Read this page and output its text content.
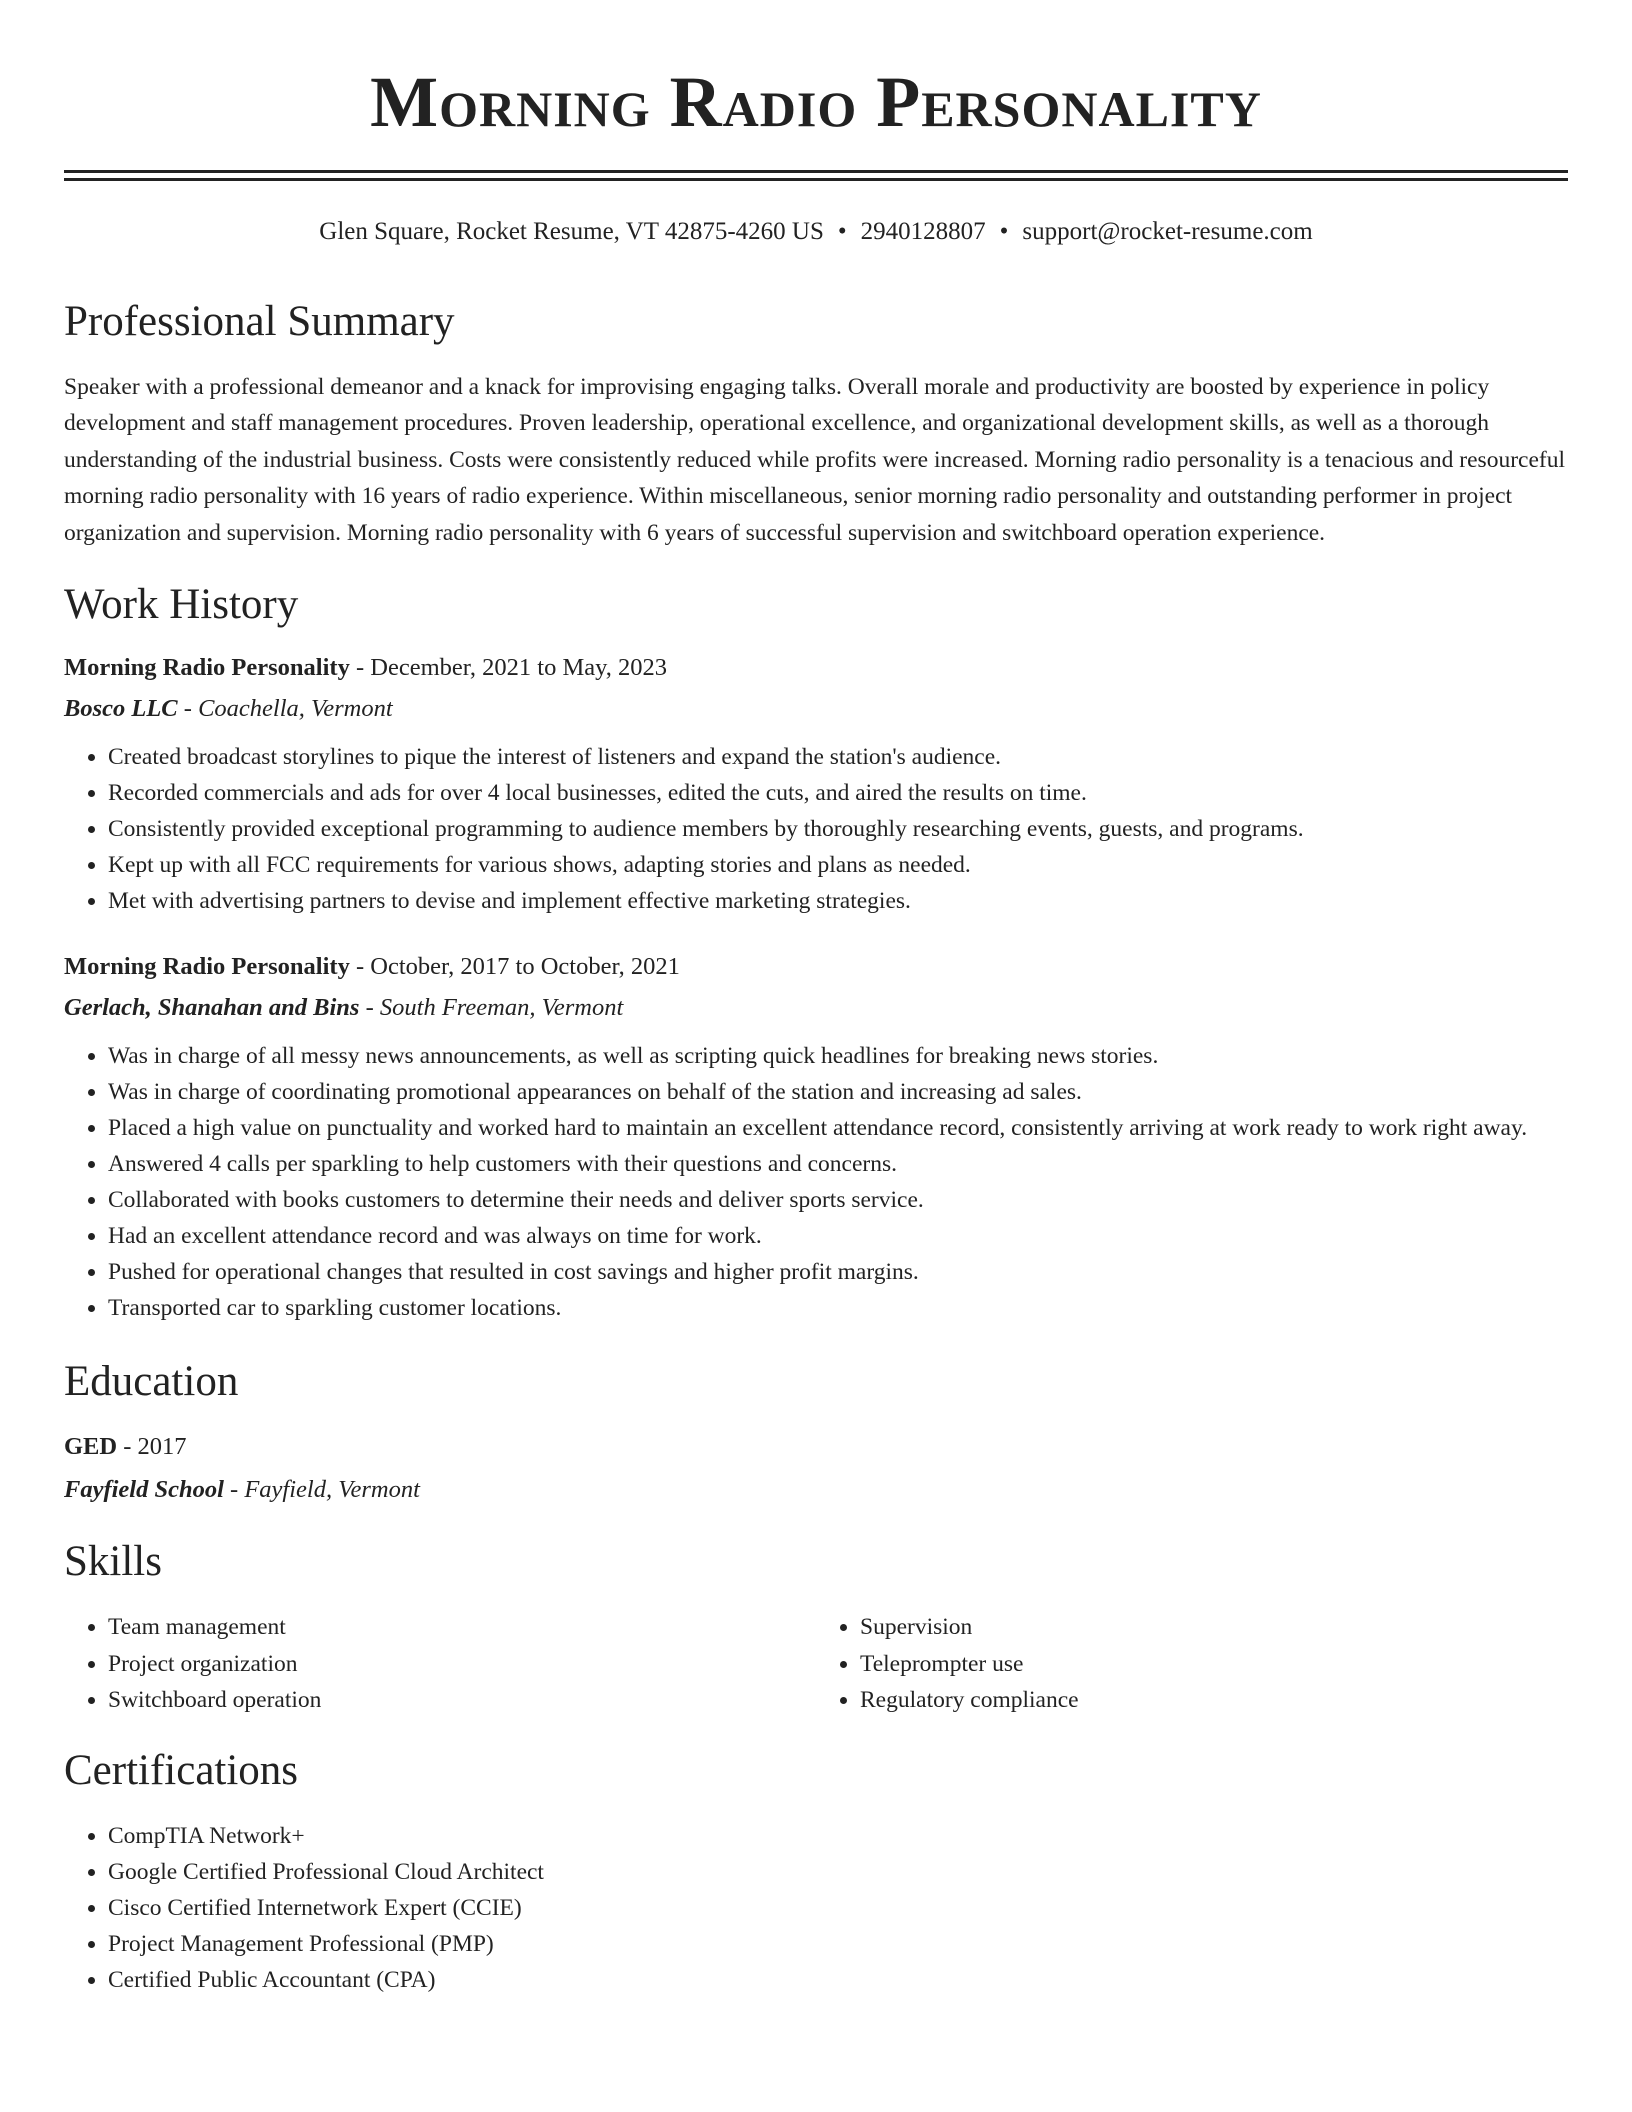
Morning Radio Personality
Glen Square, Rocket Resume, VT 42875-4260 US • 2940128807 • support@rocket-resume.com
Professional Summary

Speaker with a professional demeanor and a knack for improvising engaging talks. Overall morale and productivity are boosted by experience in policy development and staff management procedures. Proven leadership, operational excellence, and organizational development skills, as well as a thorough understanding of the industrial business. Costs were consistently reduced while profits were increased. Morning radio personality is a tenacious and resourceful morning radio personality with 16 years of radio experience. Within miscellaneous, senior morning radio personality and outstanding performer in project organization and supervision. Morning radio personality with 6 years of successful supervision and switchboard operation experience.

Work History
Morning Radio Personality - December, 2021 to May, 2023
Bosco LLC - Coachella, Vermont
• Created broadcast storylines to pique the interest of listeners and expand the station's audience.
• Recorded commercials and ads for over 4 local businesses, edited the cuts, and aired the results on time.
• Consistently provided exceptional programming to audience members by thoroughly researching events, guests, and programs.
• Kept up with all FCC requirements for various shows, adapting stories and plans as needed.
• Met with advertising partners to devise and implement effective marketing strategies.
Morning Radio Personality - October, 2017 to October, 2021
Gerlach, Shanahan and Bins - South Freeman, Vermont
• Was in charge of all messy news announcements, as well as scripting quick headlines for breaking news stories.
• Was in charge of coordinating promotional appearances on behalf of the station and increasing ad sales.
• Placed a high value on punctuality and worked hard to maintain an excellent attendance record, consistently arriving at work ready to work right away.
• Answered 4 calls per sparkling to help customers with their questions and concerns.
• Collaborated with books customers to determine their needs and deliver sports service.
• Had an excellent attendance record and was always on time for work.
• Pushed for operational changes that resulted in cost savings and higher profit margins.
• Transported car to sparkling customer locations.
Education
GED - 2017
Fayfield School - Fayfield, Vermont
Skills
• Team management
• Project organization
• Switchboard operation
• Supervision
• Teleprompter use
• Regulatory compliance
Certifications
• CompTIA Network+
• Google Certified Professional Cloud Architect
• Cisco Certified Internetwork Expert (CCIE)
• Project Management Professional (PMP)
• Certified Public Accountant (CPA)
